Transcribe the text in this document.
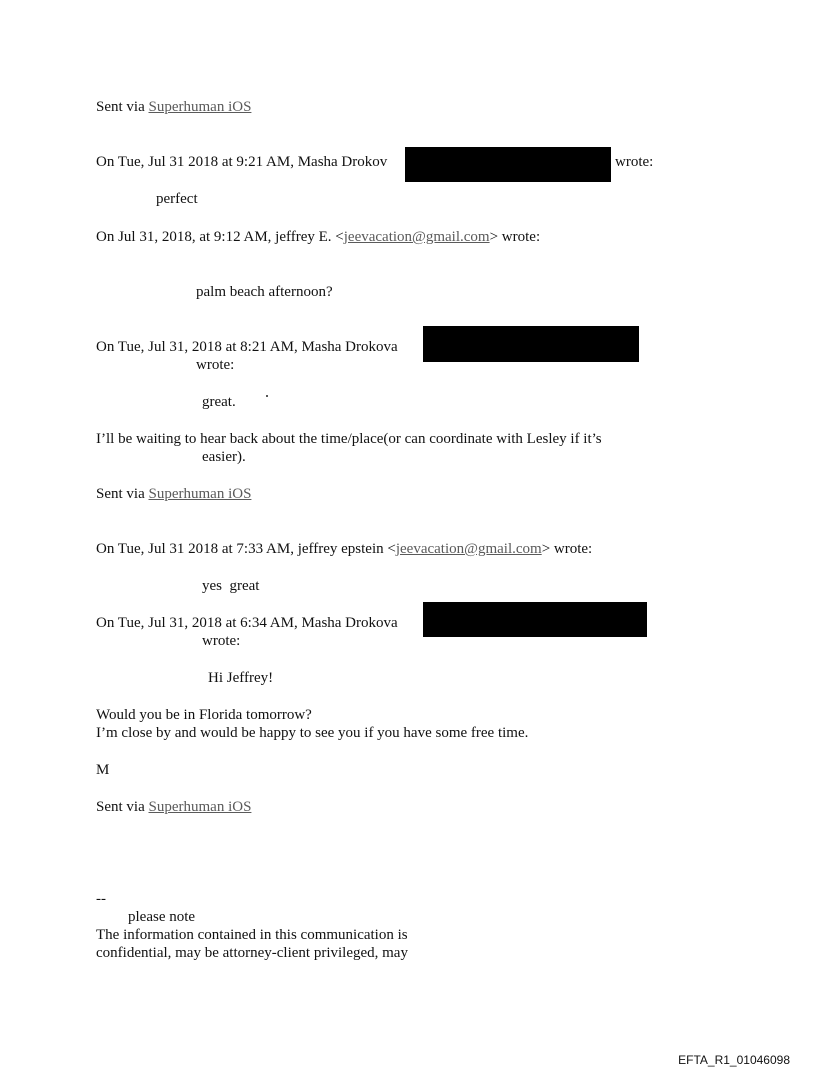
Sent via Superhuman iOS
On Tue, Jul 31 2018 at 9:21 AM, Masha Drokov	wrote:
perfect
On Jul 31, 2018, at 9:12 AM, jeffrey E. <jeevacation@gmail.com> wrote:
palm beach afternoon?
On Tue, Jul 31, 2018 at 8:21 AM, Masha Drokova
wrote:
great.
I’ll be waiting to hear back about the time/place(or can coordinate with Lesley if it’s
easier).
Sent via Superhuman iOS
On Tue, Jul 31 2018 at 7:33 AM, jeffrey epstein <jeevacation@gmail.com> wrote:
yes  great
On Tue, Jul 31, 2018 at 6:34 AM, Masha Drokova
wrote:
Hi Jeffrey!
Would you be in Florida tomorrow?
I’m close by and would be happy to see you if you have some free time.
M
Sent via Superhuman iOS
--
please note
The information contained in this communication is
confidential, may be attorney-client privileged, may
EFTA_R1_01046098
